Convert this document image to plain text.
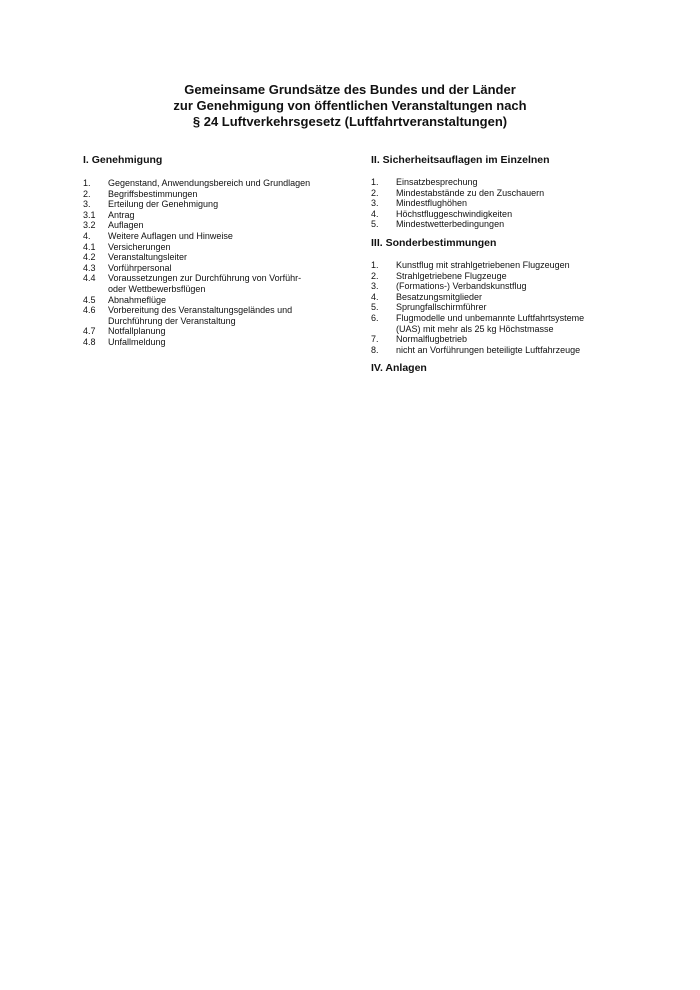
Gemeinsame Grundsätze des Bundes und der Länder
zur Genehmigung von öffentlichen Veranstaltungen nach
§ 24 Luftverkehrsgesetz (Luftfahrtveranstaltungen)
I. Genehmigung
1.	Gegenstand, Anwendungsbereich und Grundlagen
2.	Begriffsbestimmungen
3.	Erteilung der Genehmigung
3.1	Antrag
3.2	Auflagen
4.	Weitere Auflagen und Hinweise
4.1	Versicherungen
4.2	Veranstaltungsleiter
4.3	Vorführpersonal
4.4	Voraussetzungen zur Durchführung von Vorführ-
oder Wettbewerbsflügen
4.5	Abnahmeflüge
4.6	Vorbereitung des Veranstaltungsgeländes und
Durchführung der Veranstaltung
4.7	Notfallplanung
4.8	Unfallmeldung
II. Sicherheitsauflagen im Einzelnen
1.	Einsatzbesprechung
2.	Mindestabstände zu den Zuschauern
3.	Mindestflughöhen
4.	Höchstfluggeschwindigkeiten
5.	Mindestwetterbedingungen
III. Sonderbestimmungen
1.	Kunstflug mit strahlgetriebenen Flugzeugen
2.	Strahlgetriebene Flugzeuge
3.	(Formations-) Verbandskunstflug
4.	Besatzungsmitglieder
5.	Sprungfallschirmführer
6.	Flugmodelle und unbemannte Luftfahrtsysteme
(UAS) mit mehr als 25 kg Höchstmasse
7.	Normalflugbetrieb
8.	nicht an Vorführungen beteiligte Luftfahrzeuge
IV. Anlagen
